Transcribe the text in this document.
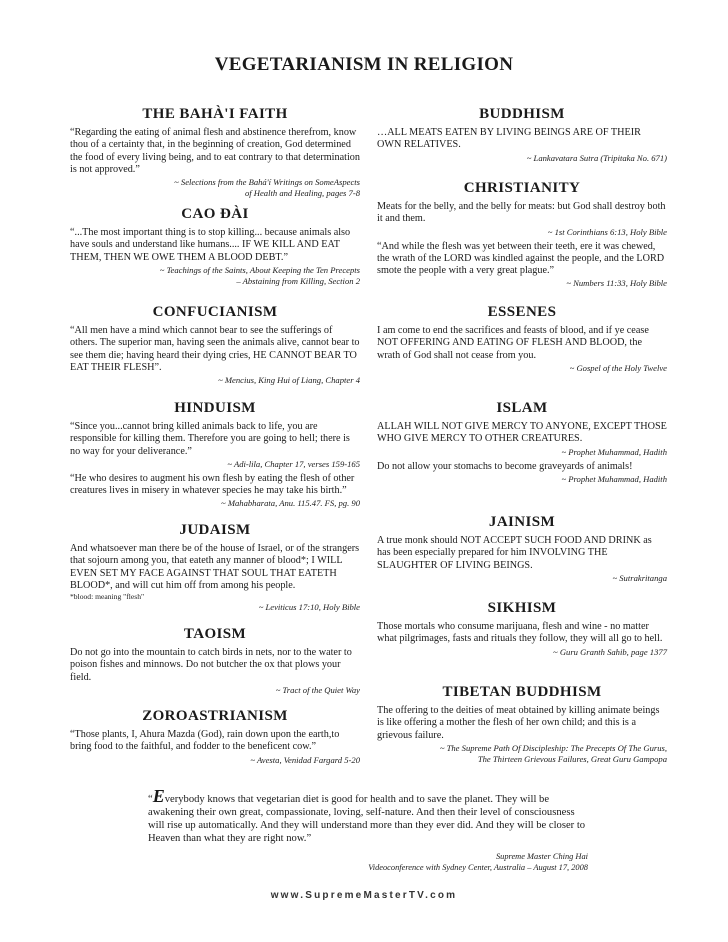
VEGETARIANISM IN RELIGION
THE BAHÀ'I FAITH

“Regarding the eating of animal flesh and abstinence therefrom, know thou of a certainty that, in the beginning of creation, God determined the food of every living being, and to eat contrary to that determination is not approved.”

~ Selections from the Bahá'í Writings on SomeAspects
of Health and Healing, pages 7-8
CAO ĐÀI

“...The most important thing is to stop killing... because animals also have souls and understand like humans.... IF WE KILL AND EAT THEM, THEN WE OWE THEM A BLOOD DEBT.”

~ Teachings of the Saints, About Keeping the Ten Precepts
– Abstaining from Killing, Section 2
CONFUCIANISM

“All men have a mind which cannot bear to see the sufferings of others. The superior man, having seen the animals alive, cannot bear to see them die; having heard their dying cries, HE CANNOT BEAR TO EAT THEIR FLESH”.

~ Mencius, King Hui of Liang, Chapter 4
HINDUISM

“Since you...cannot bring killed animals back to life, you are responsible for killing them. Therefore you are going to hell; there is no way for your deliverance.”

~ Adi-lila, Chapter 17, verses 159-165

“He who desires to augment his own flesh by eating the flesh of other creatures lives in misery in whatever species he may take his birth.”

~ Mahabharata, Anu. 115.47. FS, pg. 90
JUDAISM

And whatsoever man there be of the house of Israel, or of the strangers that sojourn among you, that eateth any manner of blood*; I WILL EVEN SET MY FACE AGAINST THAT SOUL THAT EATETH BLOOD*, and will cut him off from among his people.

*blood: meaning "flesh"
~ Leviticus 17:10, Holy Bible
TAOISM

Do not go into the mountain to catch birds in nets, nor to the water to poison fishes and minnows. Do not butcher the ox that plows your field.

~ Tract of the Quiet Way
ZOROASTRIANISM

“Those plants, I, Ahura Mazda (God), rain down upon the earth,to bring food to the faithful, and fodder to the beneficent cow.”

~ Avesta, Venidad Fargard 5-20
BUDDHISM

…ALL MEATS EATEN BY LIVING BEINGS ARE OF THEIR OWN RELATIVES.

~ Lankavatara Sutra (Tripitaka No. 671)
CHRISTIANITY

Meats for the belly, and the belly for meats: but God shall destroy both it and them.

~ 1st Corinthians 6:13, Holy Bible

“And while the flesh was yet between their teeth, ere it was chewed, the wrath of the LORD was kindled against the people, and the LORD smote the people with a very great plague.”

~ Numbers 11:33, Holy Bible
ESSENES

I am come to end the sacrifices and feasts of blood, and if ye cease NOT OFFERING AND EATING OF FLESH AND BLOOD, the wrath of God shall not cease from you.

~ Gospel of the Holy Twelve
ISLAM

ALLAH WILL NOT GIVE MERCY TO ANYONE, EXCEPT THOSE WHO GIVE MERCY TO OTHER CREATURES.

~ Prophet Muhammad, Hadith

Do not allow your stomachs to become graveyards of animals!

~ Prophet Muhammad, Hadith
JAINISM

A true monk should NOT ACCEPT SUCH FOOD AND DRINK as has been especially prepared for him INVOLVING THE SLAUGHTER OF LIVING BEINGS.

~ Sutrakritanga
SIKHISM

Those mortals who consume marijuana, flesh and wine - no matter what pilgrimages, fasts and rituals they follow, they will all go to hell.

~ Guru Granth Sahib, page 1377
TIBETAN BUDDHISM

The offering to the deities of meat obtained by killing animate beings is like offering a mother the flesh of her own child; and this is a grievous failure.

~ The Supreme Path Of Discipleship: The Precepts Of The Gurus,
The Thirteen Grievous Failures, Great Guru Gampopa

“Everybody knows that vegetarian diet is good for health and to save the planet. They will be awakening their own great, compassionate, loving, self-nature. And then their level of consciousness will rise up automatically. And they will understand more than they ever did. And they will be closer to Heaven than what they are right now.”

Supreme Master Ching Hai
Videoconference with Sydney Center, Australia – August 17, 2008
www.SupremeMasterTV.com
